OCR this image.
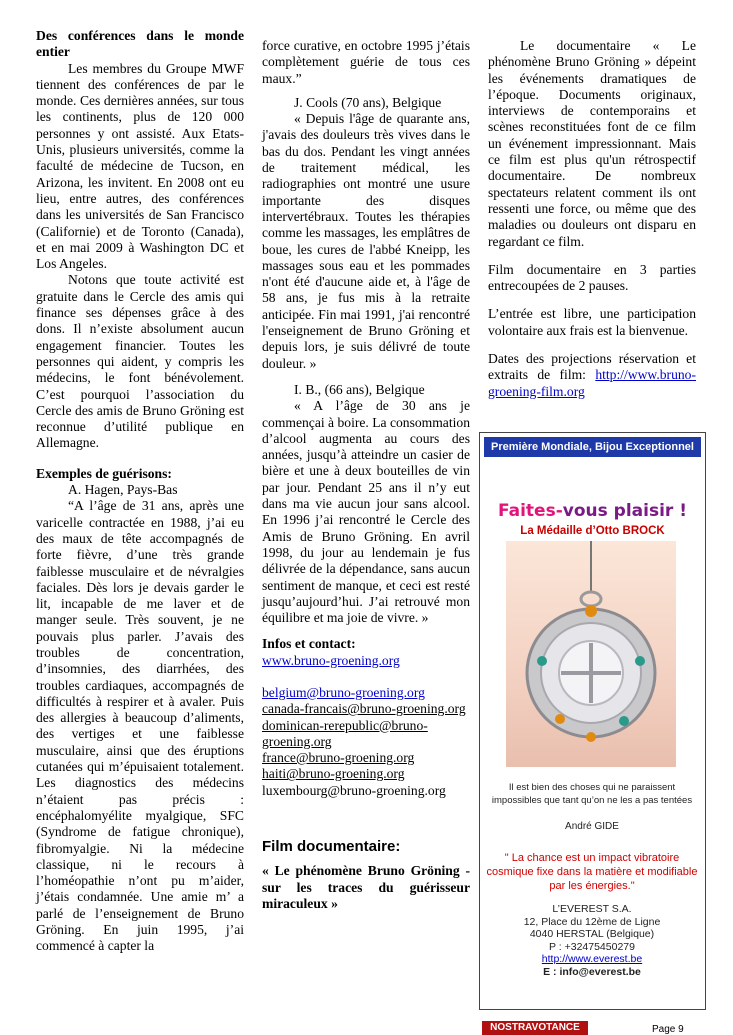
Des conférences dans le monde entier

Les membres du Groupe MWF tiennent des conférences de par le monde. Ces dernières années, sur tous les continents, plus de 120 000 personnes y ont assisté. Aux Etats-Unis, plusieurs universités, comme la faculté de médecine de Tucson, en Arizona, les invitent. En 2008 ont eu lieu, entre autres, des conférences dans les universités de San Francisco (Californie) et de Toronto (Canada), et en mai 2009 à Washington DC et Los Angeles.

Notons que toute activité est gratuite dans le Cercle des amis qui finance ses dépenses grâce à des dons. Il n’existe absolument aucun engagement financier. Toutes les personnes qui aident, y compris les médecins, le font bénévolement. C’est pourquoi l’association du Cercle des amis de Bruno Gröning est reconnue d’utilité publique en Allemagne.

Exemples de guérisons:

A. Hagen, Pays-Bas

“A l’âge de 31 ans, après une varicelle contractée en 1988, j’ai eu des maux de tête accompagnés de forte fièvre, d’une très grande faiblesse musculaire et de névralgies faciales. Dès lors je devais garder le lit, incapable de me laver et de manger seule. Très souvent, je ne pouvais plus parler. J’avais des troubles de concentration, d’insomnies, des diarrhées, des troubles cardiaques, accompagnés de difficultés à respirer et à avaler. Puis des allergies à beaucoup d’aliments, des vertiges et une faiblesse musculaire, ainsi que des éruptions cutanées qui m’épuisaient totalement. Les diagnostics des médecins n’étaient pas précis : encéphalomyélite myalgique, SFC (Syndrome de fatigue chronique), fibromyalgie. Ni la médecine classique, ni le recours à l’homéopathie n’ont pu m’aider, j’étais condamnée. Une amie m’ a parlé de l’enseignement de Bruno Gröning. En juin 1995, j’ai commencé à capter la

force curative, en octobre 1995 j’étais complètement guérie de tous ces maux.”

J. Cools (70 ans), Belgique

« Depuis l'âge de quarante ans, j'avais des douleurs très vives dans le bas du dos. Pendant les vingt années de traitement médical, les radiographies ont montré une usure importante des disques intervertébraux. Toutes les thérapies comme les massages, les emplâtres de boue, les cures de l'abbé Kneipp, les massages sous eau et les pommades n'ont été d'aucune aide et, à l'âge de 58 ans, je fus mis à la retraite anticipée. Fin mai 1991, j'ai rencontré l'enseignement de Bruno Gröning et depuis lors, je suis délivré de toute douleur. »

I. B., (66 ans), Belgique

« A l’âge de 30 ans je commençai à boire. La consommation d’alcool augmenta au cours des années, jusqu’à atteindre un casier de bière et une à deux bouteilles de vin par jour. Pendant 25 ans il n’y eut dans ma vie aucun jour sans alcool. En 1996 j’ai rencontré le Cercle des Amis de Bruno Gröning. En avril 1998, du jour au lendemain je fus délivrée de la dépendance, sans aucun sentiment de manque, et ceci est resté jusqu’aujourd’hui. J’ai retrouvé mon équilibre et ma joie de vivre. »

Infos et contact:

www.bruno-groening.org

belgium@bruno-groening.org

canada-francais@bruno-groening.org

dominican-rerepublic@bruno-groening.org

france@bruno-groening.org

haiti@bruno-groening.org

luxembourg@bruno-groening.org

Film documentaire:

« Le phénomène Bruno Gröning - sur les traces du guérisseur miraculeux »

Le documentaire « Le phénomène Bruno Gröning » dépeint les événements dramatiques de l’époque. Documents originaux, interviews de contemporains et scènes reconstituées font de ce film un événement impressionnant. Mais ce film est plus qu'un rétrospectif documentaire. De nombreux spectateurs relatent comment ils ont ressenti une force, ou même que des maladies ou douleurs ont disparu en regardant ce film.

Film documentaire en 3 parties entrecoupées de 2 pauses.

L’entrée est libre, une participation volontaire aux frais est la bienvenue.

Dates des projections réservation et extraits de film: http://www.bruno-groening-film.org

Première Mondiale, Bijou Exceptionnel
Faites-vous plaisir !
La Médaille d’Otto BROCK
Il est bien des choses qui ne paraissent impossibles que tant qu’on ne les a pas tentées
André GIDE
" La chance est un impact vibratoire cosmique fixe dans la matière et modifiable par les énergies."
L’EVEREST S.A.
12, Place du 12ème de Ligne
4040 HERSTAL (Belgique)
P : +32475450279
http://www.everest.be
E : info@everest.be
NOSTRAVOTANCE	Page 9
